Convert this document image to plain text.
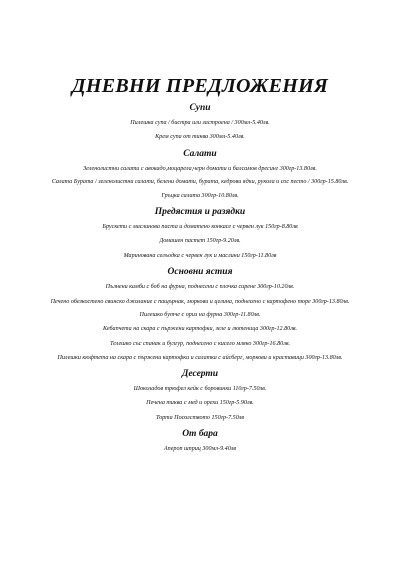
ДНЕВНИ ПРЕДЛОЖЕНИЯ
Супи
Пилешка супа / бистра или застроена / 300мл-5.40лв.
Крем супа от тиква 300мл-5.40лв.
Салати
Зеленолистни салати с авокадо,моцарела,черн домати и балсамов дресинг 300гр-13.80лв.
Салата Бурата / зеленолистни салати, белени домати, бурата, кедрови ядки, рукола и сос песто / 300гр-15.80лв.
Гръцка салата 300гр-10.80лв.
Предястия и разядки
Брускети с маслинова паста и доматено конкасе с червен лук 150гр-8.80лв
Домашен пастет 150гр-9.20лв.
Маринована селъодка с червен лук и маслини 150гр-11.80лв
Основни ястия
Пълнени камби с боб на фурна, поднесени с плочка сирене 300гр-10.20лв.
Печено обезкостено свинско джолание с пащърнак, моркови и целина, поднесено с картофено пюре 300гр-13.80лв.
Пилешко бутче с ориз на фурна 300гр-11.80лв.
Кебапчета на скара с пържени картофки, зеле и лютеница 300гр-12.80лв.
Телешко със спанак и булгур, поднесено с кисело мляко 300гр-16.80лв.
Пилешки кюфтета на скара с пържени картофки и салатка с айсберг, моркови и краставици 300гр-13.80лв.
Десерти
Шоколадов трюфел кейк с боровинки 110гр-7.50лв.
Печена тиква с мед и орехи 150гр-5.90лв.
Торта Посолството 150гр-7.50лв
От бара
Апероп шприц 300мл-9.40лв
